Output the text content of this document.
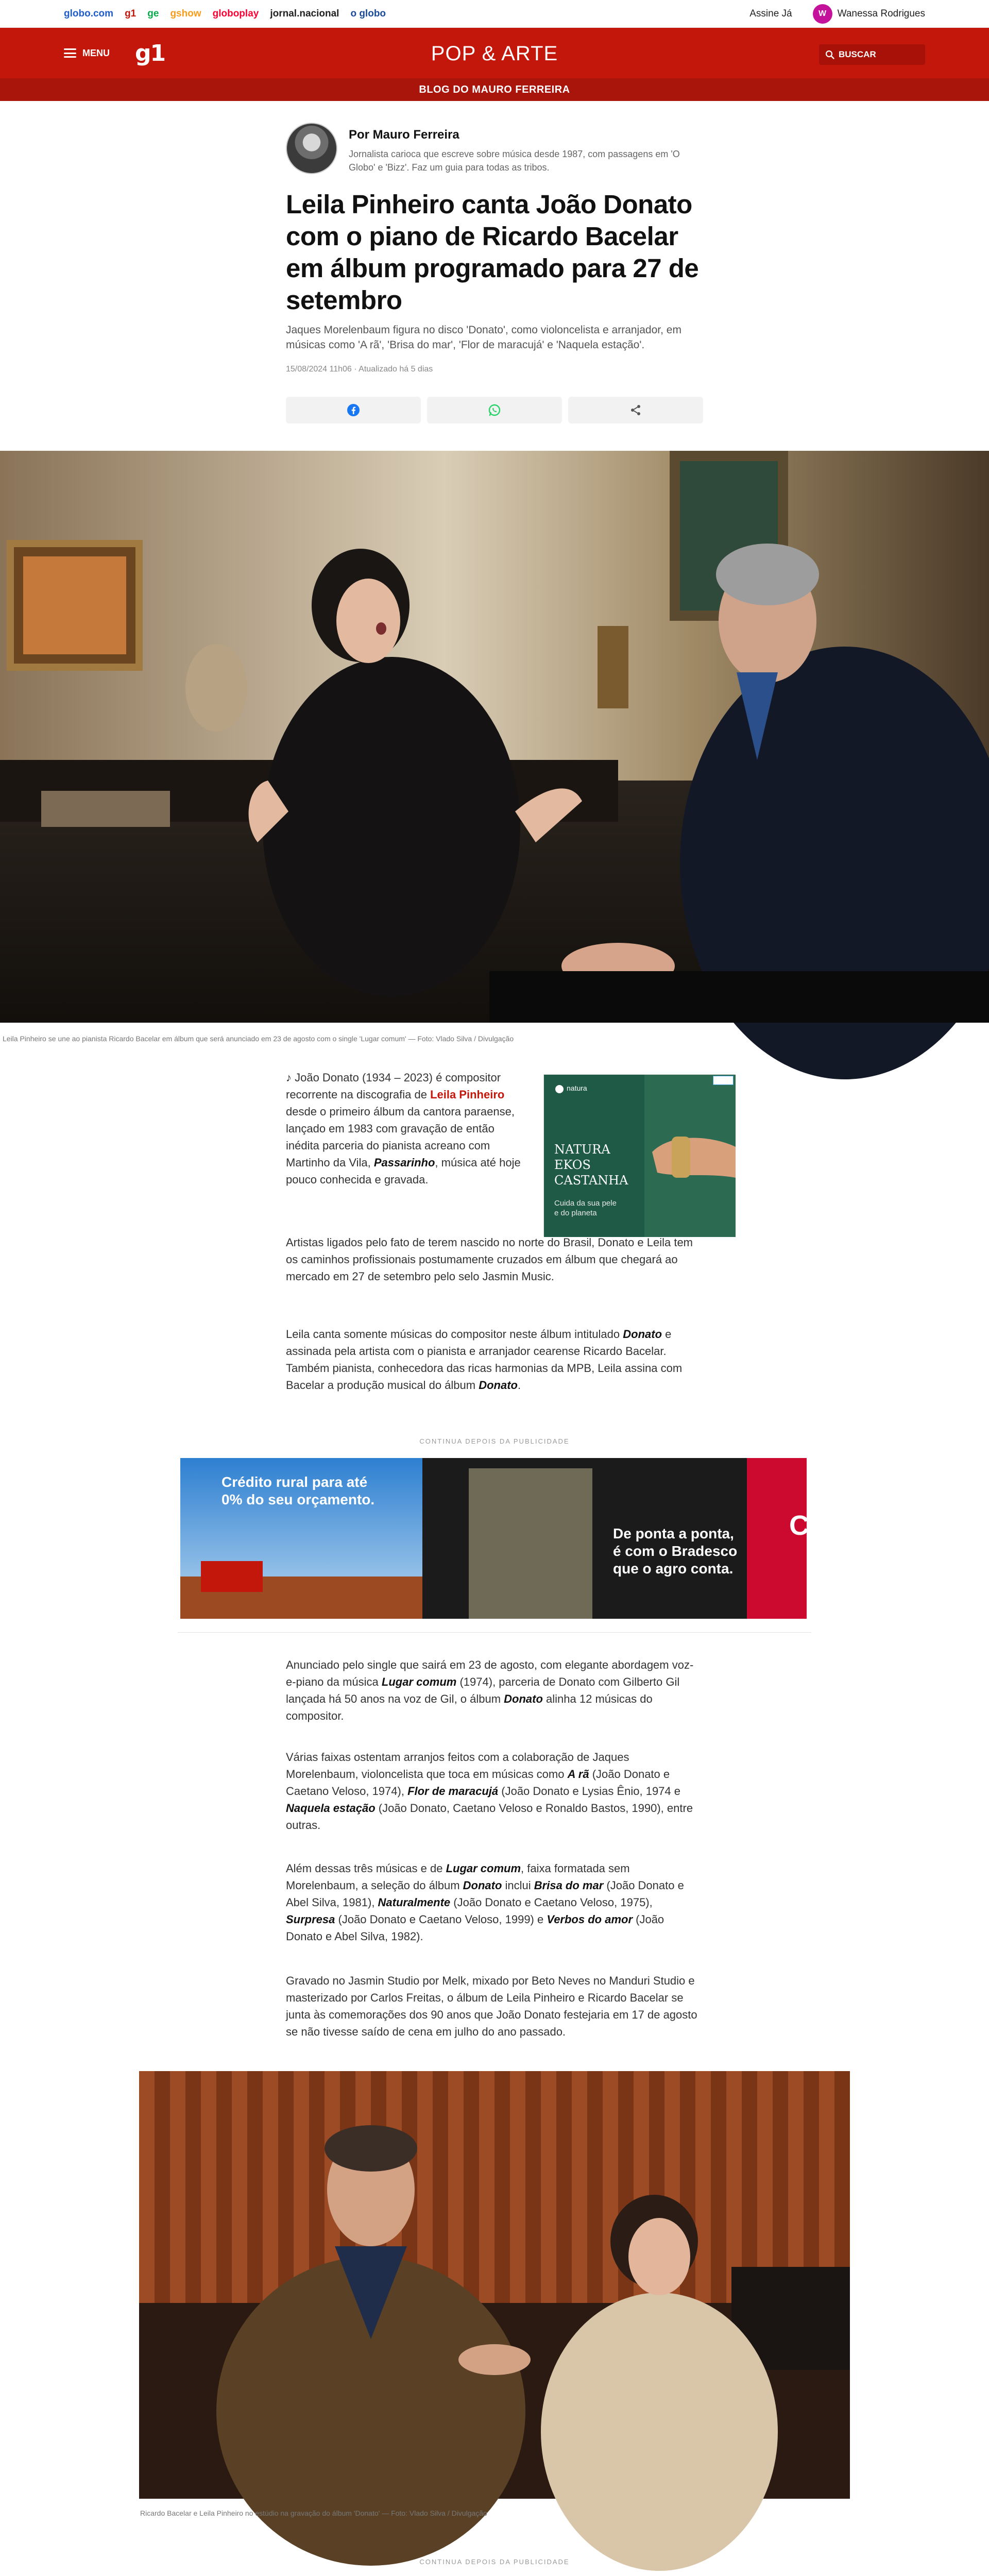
globo.com g1 ge gshow globoplay jornal.nacional o globo	Assine Já	W	Wanessa Rodrigues
MENU g1	POP & ARTE	BUSCAR
BLOG DO MAURO FERREIRA
Por Mauro Ferreira
Jornalista carioca que escreve sobre música desde 1987, com passagens em 'O Globo' e 'Bizz'. Faz um guia para todas as tribos.
Leila Pinheiro canta João Donato com o piano de Ricardo Bacelar em álbum programado para 27 de setembro

Jaques Morelenbaum figura no disco 'Donato', como violoncelista e arranjador, em músicas como 'A rã', 'Brisa do mar', 'Flor de maracujá' e 'Naquela estação'.

15/08/2024 11h06 · Atualizado há 5 dias
Leila Pinheiro se une ao pianista Ricardo Bacelar em álbum que será anunciado em 23 de agosto com o single 'Lugar comum' — Foto: Vlado Silva / Divulgação
♪ João Donato (1934 – 2023) é compositor recorrente na discografia de Leila Pinheiro desde o primeiro álbum da cantora paraense, lançado em 1983 com gravação de então inédita parceria do pianista acreano com Martinho da Vila, Passarinho, música até hoje pouco conhecida e gravada.
natura
NATURA
EKOS
CASTANHA
Cuida da sua pele
e do planeta

Artistas ligados pelo fato de terem nascido no norte do Brasil, Donato e Leila tem os caminhos profissionais postumamente cruzados em álbum que chegará ao mercado em 27 de setembro pelo selo Jasmin Music.

Leila canta somente músicas do compositor neste álbum intitulado Donato e assinada pela artista com o pianista e arranjador cearense Ricardo Bacelar. Também pianista, conhecedora das ricas harmonias da MPB, Leila assina com Bacelar a produção musical do álbum Donato.
CONTINUA DEPOIS DA PUBLICIDADE
Crédito rural para até
0% do seu orçamento.
De ponta a ponta,
é com o Bradesco
que o agro conta.
C
Anunciado pelo single que sairá em 23 de agosto, com elegante abordagem voz-e-piano da música Lugar comum (1974), parceria de Donato com Gilberto Gil lançada há 50 anos na voz de Gil, o álbum Donato alinha 12 músicas do compositor.
Várias faixas ostentam arranjos feitos com a colaboração de Jaques Morelenbaum, violoncelista que toca em músicas como A rã (João Donato e Caetano Veloso, 1974), Flor de maracujá (João Donato e Lysias Ênio, 1974 e Naquela estação (João Donato, Caetano Veloso e Ronaldo Bastos, 1990), entre outras.
Além dessas três músicas e de Lugar comum, faixa formatada sem Morelenbaum, a seleção do álbum Donato inclui Brisa do mar (João Donato e Abel Silva, 1981), Naturalmente (João Donato e Caetano Veloso, 1975), Surpresa (João Donato e Caetano Veloso, 1999) e Verbos do amor (João Donato e Abel Silva, 1982).

Gravado no Jasmin Studio por Melk, mixado por Beto Neves no Manduri Studio e masterizado por Carlos Freitas, o álbum de Leila Pinheiro e Ricardo Bacelar se junta às comemorações dos 90 anos que João Donato festejaria em 17 de agosto se não tivesse saído de cena em julho do ano passado.

Ricardo Bacelar e Leila Pinheiro no estúdio na gravação do álbum 'Donato' — Foto: Vlado Silva / Divulgação
CONTINUA DEPOIS DA PUBLICIDADE
